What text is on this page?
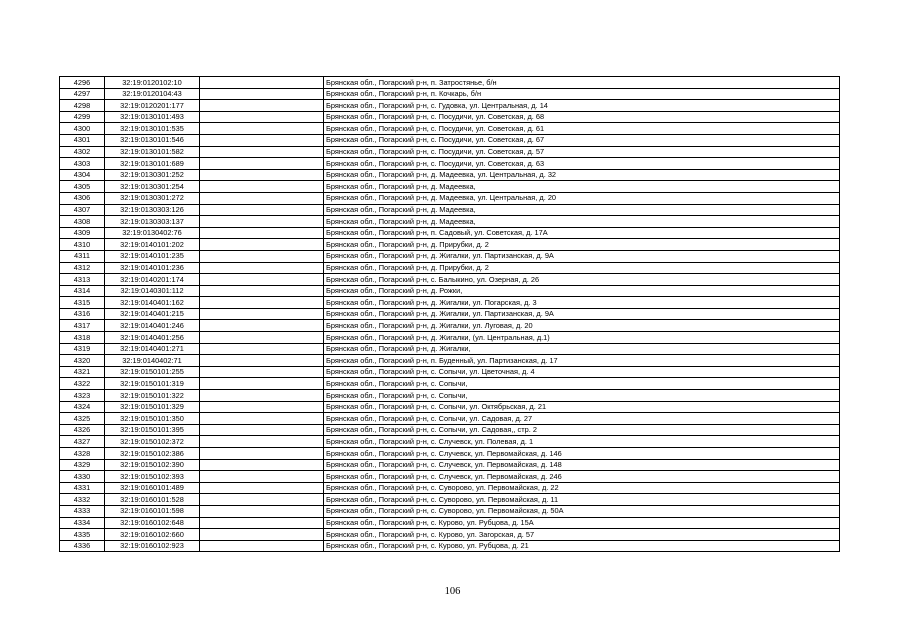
4296	32:19:0120102:10		Брянская обл., Погарский р-н, п. Затростянье, б/н
4297	32:19:0120104:43		Брянская обл., Погарский р-н, п. Кочкарь, б/н
4298	32:19:0120201:177		Брянская обл., Погарский р-н, с. Гудовка, ул. Центральная, д. 14
4299	32:19:0130101:493		Брянская обл., Погарский р-н, с. Посудичи, ул. Советская, д. 68
4300	32:19:0130101:535		Брянская обл., Погарский р-н, с. Посудичи, ул. Советская, д. 61
4301	32:19:0130101:546		Брянская обл., Погарский р-н, с. Посудичи, ул. Советская, д. 67
4302	32:19:0130101:582		Брянская обл., Погарский р-н, с. Посудичи, ул. Советская, д. 57
4303	32:19:0130101:689		Брянская обл., Погарский р-н, с. Посудичи, ул. Советская, д. 63
4304	32:19:0130301:252		Брянская обл., Погарский р-н, д. Мадеевка, ул. Центральная, д. 32
4305	32:19:0130301:254		Брянская обл., Погарский р-н, д. Мадеевка,
4306	32:19:0130301:272		Брянская обл., Погарский р-н, д. Мадеевка, ул. Центральная, д. 20
4307	32:19:0130303:126		Брянская обл., Погарский р-н, д. Мадеевка,
4308	32:19:0130303:137		Брянская обл., Погарский р-н, д. Мадеевка,
4309	32:19:0130402:76		Брянская обл., Погарский р-н, п. Садовый, ул. Советская, д. 17А
4310	32:19:0140101:202		Брянская обл., Погарский р-н, д. Прирубки, д. 2
4311	32:19:0140101:235		Брянская обл., Погарский р-н, д. Жигалки, ул. Партизанская, д. 9А
4312	32:19:0140101:236		Брянская обл., Погарский р-н, д. Прирубки, д. 2
4313	32:19:0140201:174		Брянская обл., Погарский р-н, с. Балыкино, ул. Озерная, д. 26
4314	32:19:0140301:112		Брянская обл., Погарский р-н, д. Рожки,
4315	32:19:0140401:162		Брянская обл., Погарский р-н, д. Жигалки, ул. Погарская, д. 3
4316	32:19:0140401:215		Брянская обл., Погарский р-н, д. Жигалки, ул. Партизанская, д. 9А
4317	32:19:0140401:246		Брянская обл., Погарский р-н, д. Жигалки, ул. Луговая, д. 20
4318	32:19:0140401:256		Брянская обл., Погарский р-н, д. Жигалки, (ул. Центральная, д.1)
4319	32:19:0140401:271		Брянская обл., Погарский р-н, д. Жигалки,
4320	32:19:0140402:71		Брянская обл., Погарский р-н, п. Буденный, ул. Партизанская, д. 17
4321	32:19:0150101:255		Брянская обл., Погарский р-н, с. Сопычи, ул. Цветочная, д. 4
4322	32:19:0150101:319		Брянская обл., Погарский р-н, с. Сопычи,
4323	32:19:0150101:322		Брянская обл., Погарский р-н, с. Сопычи,
4324	32:19:0150101:329		Брянская обл., Погарский р-н, с. Сопычи, ул. Октябрьская, д. 21
4325	32:19:0150101:350		Брянская обл., Погарский р-н, с. Сопычи, ул. Садовая, д. 27
4326	32:19:0150101:395		Брянская обл., Погарский р-н, с. Сопычи, ул. Садовая,, стр. 2
4327	32:19:0150102:372		Брянская обл., Погарский р-н, с. Случевск, ул. Полевая, д. 1
4328	32:19:0150102:386		Брянская обл., Погарский р-н, с. Случевск, ул. Первомайская, д. 146
4329	32:19:0150102:390		Брянская обл., Погарский р-н, с. Случевск, ул. Первомайская, д. 148
4330	32:19:0150102:393		Брянская обл., Погарский р-н, с. Случевск, ул. Первомайская, д. 246
4331	32:19:0160101:489		Брянская обл., Погарский р-н, с. Суворово, ул. Первомайская, д. 22
4332	32:19:0160101:528		Брянская обл., Погарский р-н, с. Суворово, ул. Первомайская, д. 11
4333	32:19:0160101:598		Брянская обл., Погарский р-н, с. Суворово, ул. Первомайская, д. 50А
4334	32:19:0160102:648		Брянская обл., Погарский р-н, с. Курово, ул. Рубцова, д. 15А
4335	32:19:0160102:660		Брянская обл., Погарский р-н, с. Курово, ул. Загорская, д. 57
4336	32:19:0160102:923		Брянская обл., Погарский р-н, с. Курово, ул. Рубцова, д. 21
106
